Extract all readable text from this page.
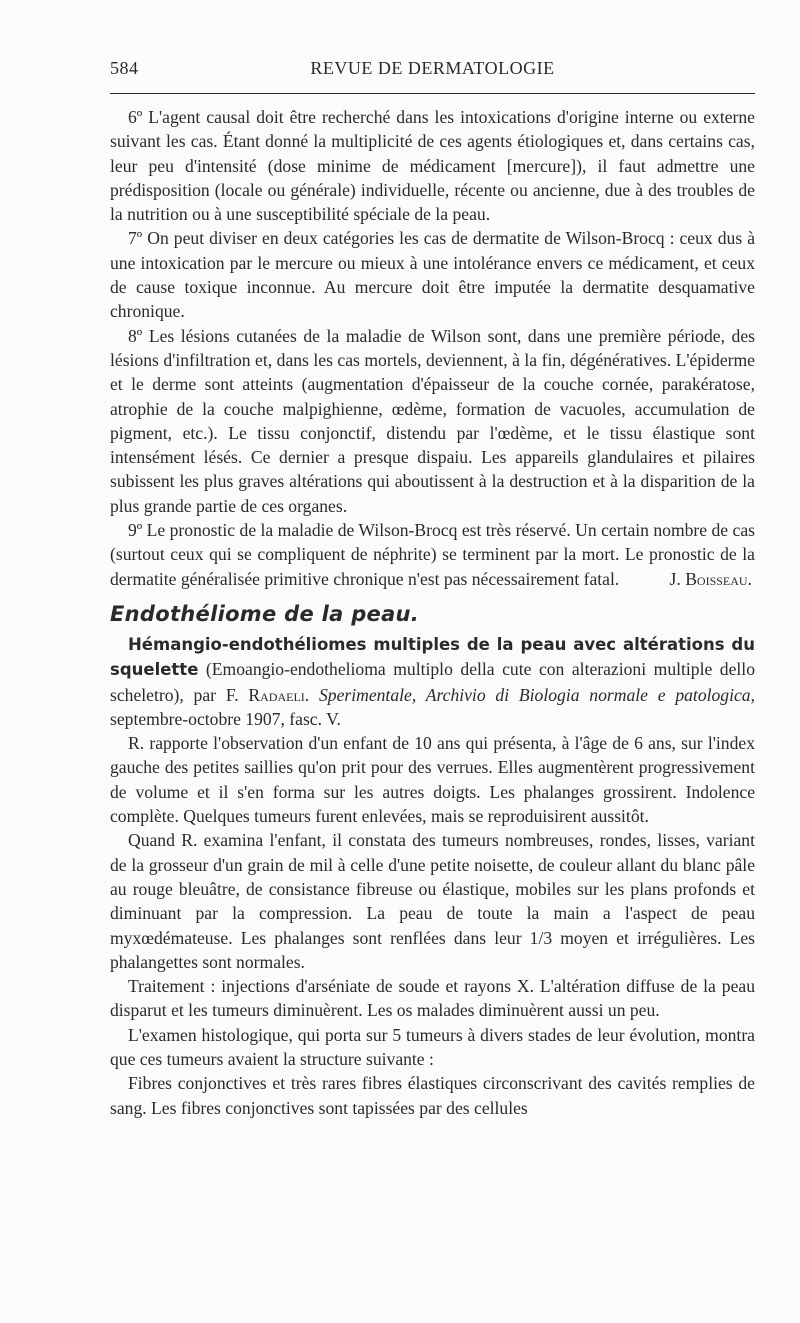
584	REVUE DE DERMATOLOGIE

6º L'agent causal doit être recherché dans les intoxications d'origine interne ou externe suivant les cas. Étant donné la multiplicité de ces agents étiologiques et, dans certains cas, leur peu d'intensité (dose minime de médicament [mercure]), il faut admettre une prédisposition (locale ou générale) individuelle, récente ou ancienne, due à des troubles de la nutrition ou à une susceptibilité spéciale de la peau.

7º On peut diviser en deux catégories les cas de dermatite de Wilson-Brocq : ceux dus à une intoxication par le mercure ou mieux à une intolérance envers ce médicament, et ceux de cause toxique inconnue. Au mercure doit être imputée la dermatite desquamative chronique.

8º Les lésions cutanées de la maladie de Wilson sont, dans une première période, des lésions d'infiltration et, dans les cas mortels, deviennent, à la fin, dégénératives. L'épiderme et le derme sont atteints (augmentation d'épaisseur de la couche cornée, parakératose, atrophie de la couche malpighienne, œdème, formation de vacuoles, accumulation de pigment, etc.). Le tissu conjonctif, distendu par l'œdème, et le tissu élastique sont intensément lésés. Ce dernier a presque dispaiu. Les appareils glandulaires et pilaires subissent les plus graves altérations qui aboutissent à la destruction et à la disparition de la plus grande partie de ces organes.

9º Le pronostic de la maladie de Wilson-Brocq est très réservé. Un certain nombre de cas (surtout ceux qui se compliquent de néphrite) se terminent par la mort. Le pronostic de la dermatite généralisée primitive chronique n'est pas nécessairement fatal.	J. Boisseau.

Endothéliome de la peau.

Hémangio-endothéliomes multiples de la peau avec altérations du squelette (Emoangio-endothelioma multiplo della cute con alterazioni multiple dello scheletro), par F. Radaeli. Sperimentale, Archivio di Biologia normale e patologica, septembre-octobre 1907, fasc. V.

R. rapporte l'observation d'un enfant de 10 ans qui présenta, à l'âge de 6 ans, sur l'index gauche des petites saillies qu'on prit pour des verrues. Elles augmentèrent progressivement de volume et il s'en forma sur les autres doigts. Les phalanges grossirent. Indolence complète. Quelques tumeurs furent enlevées, mais se reproduisirent aussitôt.

Quand R. examina l'enfant, il constata des tumeurs nombreuses, rondes, lisses, variant de la grosseur d'un grain de mil à celle d'une petite noisette, de couleur allant du blanc pâle au rouge bleuâtre, de consistance fibreuse ou élastique, mobiles sur les plans profonds et diminuant par la compression. La peau de toute la main a l'aspect de peau myxœdémateuse. Les phalanges sont renflées dans leur 1/3 moyen et irrégulières. Les phalangettes sont normales.

Traitement : injections d'arséniate de soude et rayons X. L'altération diffuse de la peau disparut et les tumeurs diminuèrent. Les os malades diminuèrent aussi un peu.

L'examen histologique, qui porta sur 5 tumeurs à divers stades de leur évolution, montra que ces tumeurs avaient la structure suivante :

Fibres conjonctives et très rares fibres élastiques circonscrivant des cavités remplies de sang. Les fibres conjonctives sont tapissées par des cellules
